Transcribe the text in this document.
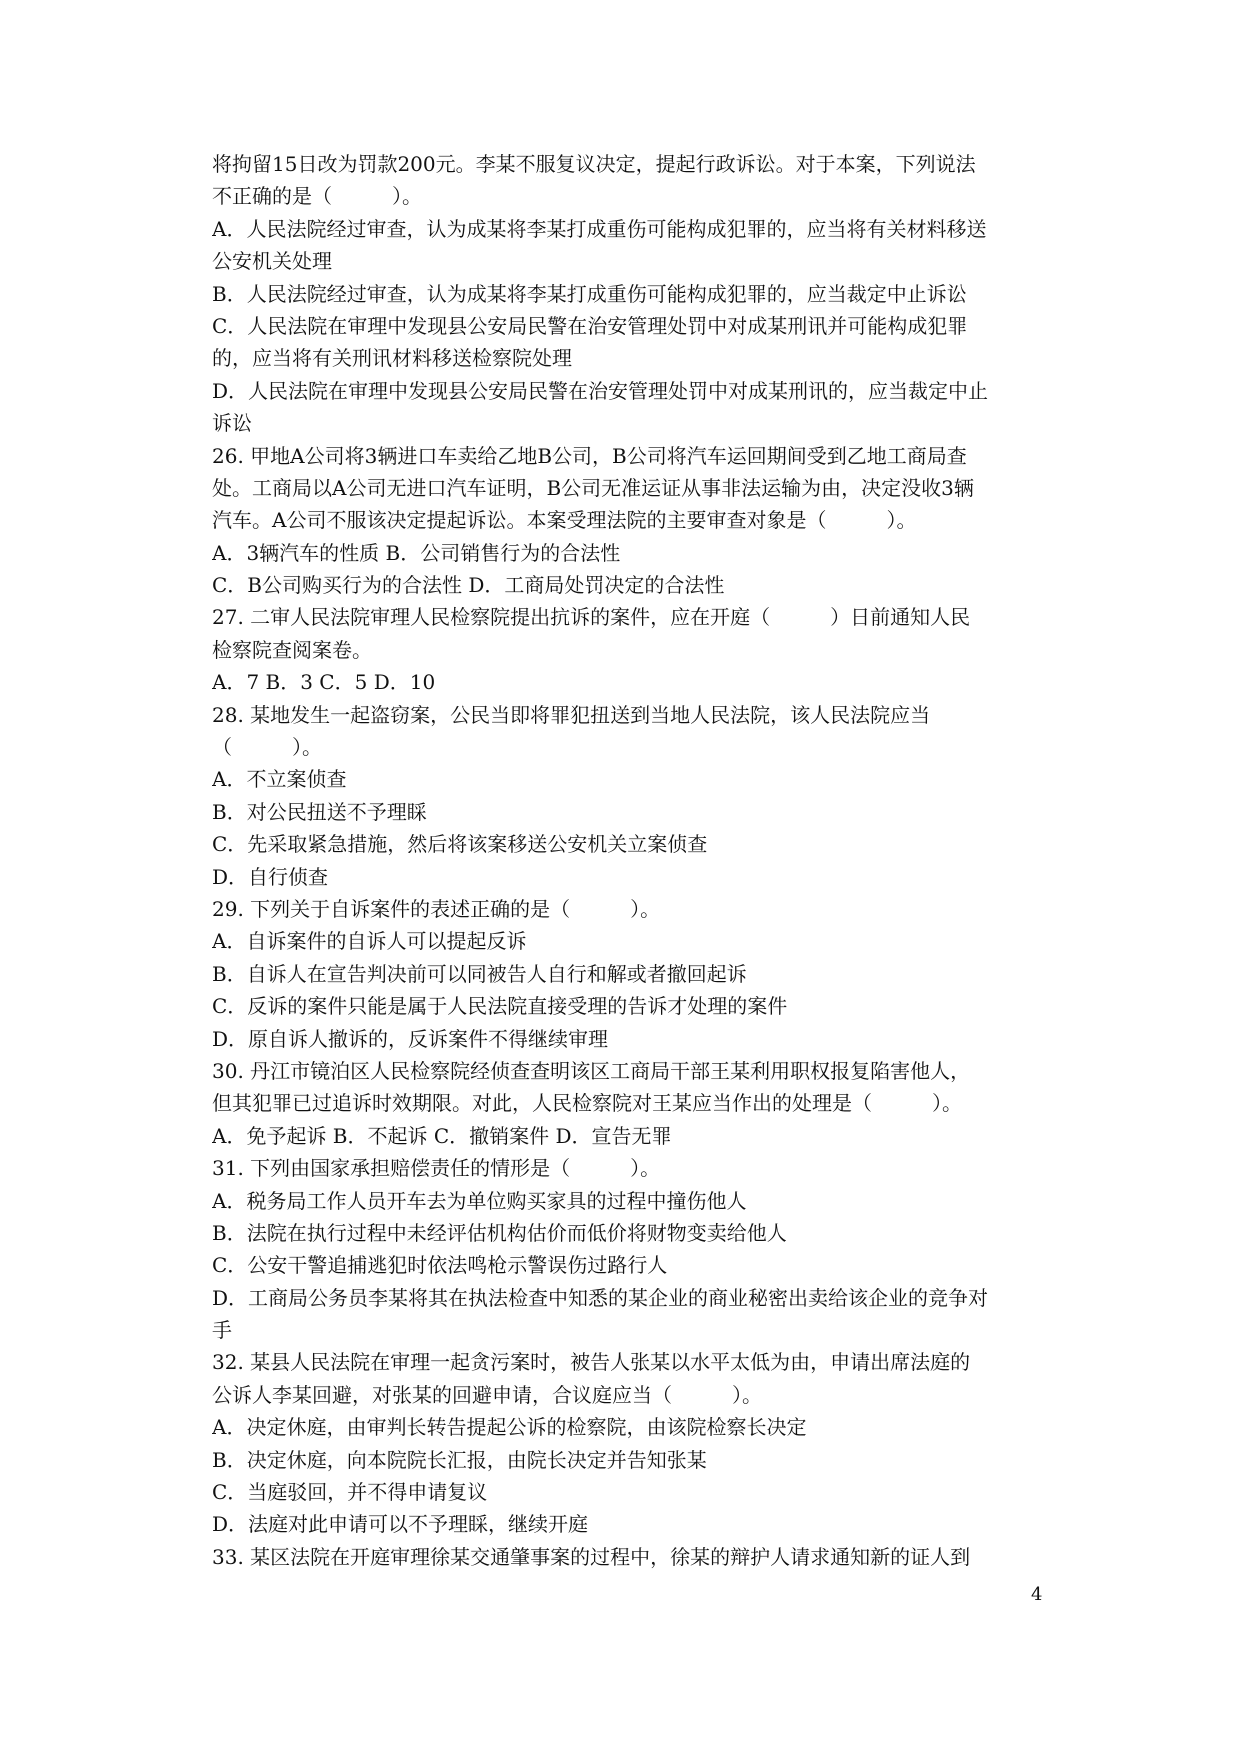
将拘留15日改为罚款200元。李某不服复议决定，提起行政诉讼。对于本案，下列说法
不正确的是（　　　）。
A．人民法院经过审查，认为成某将李某打成重伤可能构成犯罪的，应当将有关材料移送
公安机关处理
B．人民法院经过审查，认为成某将李某打成重伤可能构成犯罪的，应当裁定中止诉讼
C．人民法院在审理中发现县公安局民警在治安管理处罚中对成某刑讯并可能构成犯罪
的，应当将有关刑讯材料移送检察院处理
D．人民法院在审理中发现县公安局民警在治安管理处罚中对成某刑讯的，应当裁定中止
诉讼
26. 甲地A公司将3辆进口车卖给乙地B公司，B公司将汽车运回期间受到乙地工商局查
处。工商局以A公司无进口汽车证明，B公司无准运证从事非法运输为由，决定没收3辆
汽车。A公司不服该决定提起诉讼。本案受理法院的主要审查对象是（　　　）。
A．3辆汽车的性质 B．公司销售行为的合法性
C．B公司购买行为的合法性 D．工商局处罚决定的合法性
27. 二审人民法院审理人民检察院提出抗诉的案件，应在开庭（　　　）日前通知人民
检察院查阅案卷。
A．7 B．3 C．5 D．10
28. 某地发生一起盗窃案，公民当即将罪犯扭送到当地人民法院，该人民法院应当
（　　　）。
A．不立案侦查
B．对公民扭送不予理睬
C．先采取紧急措施，然后将该案移送公安机关立案侦查
D．自行侦查
29. 下列关于自诉案件的表述正确的是（　　　）。
A．自诉案件的自诉人可以提起反诉
B．自诉人在宣告判决前可以同被告人自行和解或者撤回起诉
C．反诉的案件只能是属于人民法院直接受理的告诉才处理的案件
D．原自诉人撤诉的，反诉案件不得继续审理
30. 丹江市镜泊区人民检察院经侦查查明该区工商局干部王某利用职权报复陷害他人，
但其犯罪已过追诉时效期限。对此，人民检察院对王某应当作出的处理是（　　　）。
A．免予起诉 B．不起诉 C．撤销案件 D．宣告无罪
31. 下列由国家承担赔偿责任的情形是（　　　）。
A．税务局工作人员开车去为单位购买家具的过程中撞伤他人
B．法院在执行过程中未经评估机构估价而低价将财物变卖给他人
C．公安干警追捕逃犯时依法鸣枪示警误伤过路行人
D．工商局公务员李某将其在执法检查中知悉的某企业的商业秘密出卖给该企业的竞争对
手
32. 某县人民法院在审理一起贪污案时，被告人张某以水平太低为由，申请出席法庭的
公诉人李某回避，对张某的回避申请，合议庭应当（　　　）。
A．决定休庭，由审判长转告提起公诉的检察院，由该院检察长决定
B．决定休庭，向本院院长汇报，由院长决定并告知张某
C．当庭驳回，并不得申请复议
D．法庭对此申请可以不予理睬，继续开庭
33. 某区法院在开庭审理徐某交通肇事案的过程中，徐某的辩护人请求通知新的证人到
4
